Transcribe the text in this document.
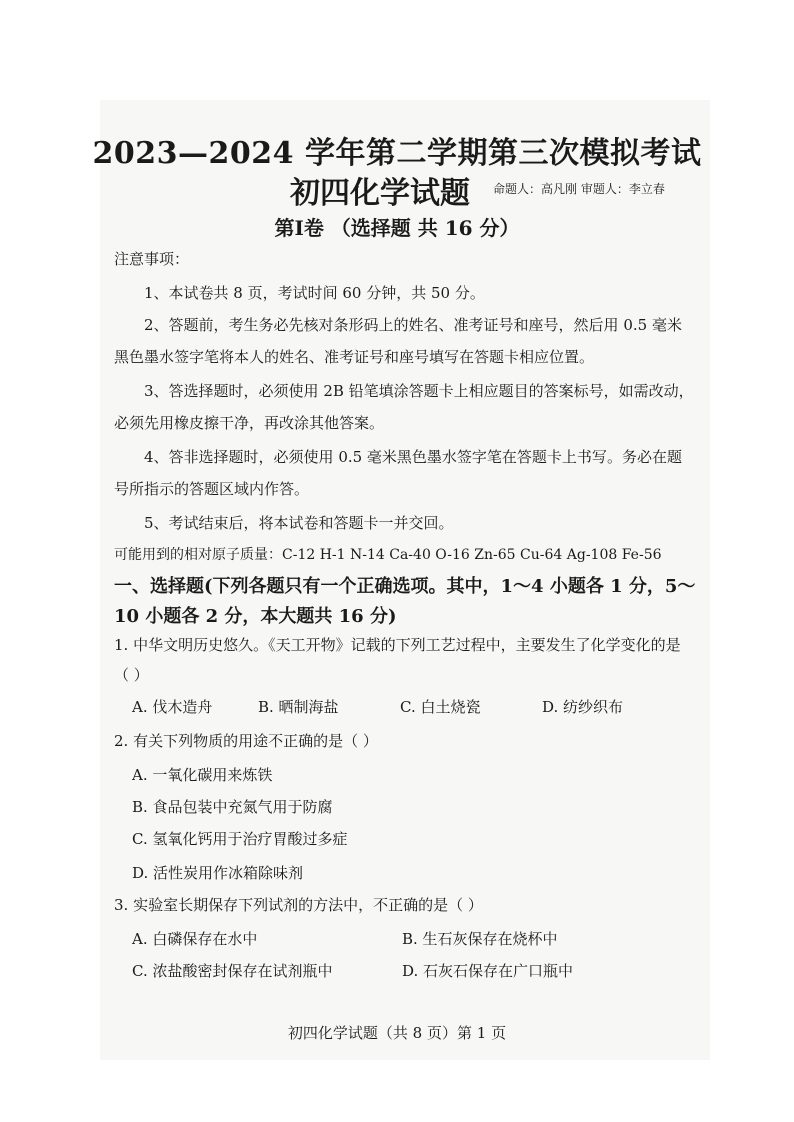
2023—2024 学年第二学期第三次模拟考试
初四化学试题 命题人：高凡刚 审题人：李立春
第Ⅰ卷 （选择题 共 16 分）
注意事项：
1、本试卷共 8 页，考试时间 60 分钟，共 50 分。
2、答题前，考生务必先核对条形码上的姓名、准考证号和座号，然后用 0.5 毫米
黑色墨水签字笔将本人的姓名、准考证号和座号填写在答题卡相应位置。
3、答选择题时，必须使用 2B 铅笔填涂答题卡上相应题目的答案标号，如需改动，
必须先用橡皮擦干净，再改涂其他答案。
4、答非选择题时，必须使用 0.5 毫米黑色墨水签字笔在答题卡上书写。务必在题
号所指示的答题区域内作答。
5、考试结束后，将本试卷和答题卡一并交回。
可能用到的相对原子质量：C-12 H-1 N-14 Ca-40 O-16 Zn-65 Cu-64 Ag-108 Fe-56
一、选择题(下列各题只有一个正确选项。其中，1～4 小题各 1 分，5～
10 小题各 2 分，本大题共 16 分)
1. 中华文明历史悠久。《天工开物》记载的下列工艺过程中，主要发生了化学变化的是
（ ）
A. 伐木造舟	B. 晒制海盐	C. 白土烧瓷	D. 纺纱织布
2. 有关下列物质的用途不正确的是（ ）
A. 一氧化碳用来炼铁
B. 食品包装中充氮气用于防腐
C. 氢氧化钙用于治疗胃酸过多症
D. 活性炭用作冰箱除味剂
3. 实验室长期保存下列试剂的方法中，不正确的是（ ）
A. 白磷保存在水中	B. 生石灰保存在烧杯中
C. 浓盐酸密封保存在试剂瓶中	D. 石灰石保存在广口瓶中
初四化学试题（共 8 页）第 1 页
